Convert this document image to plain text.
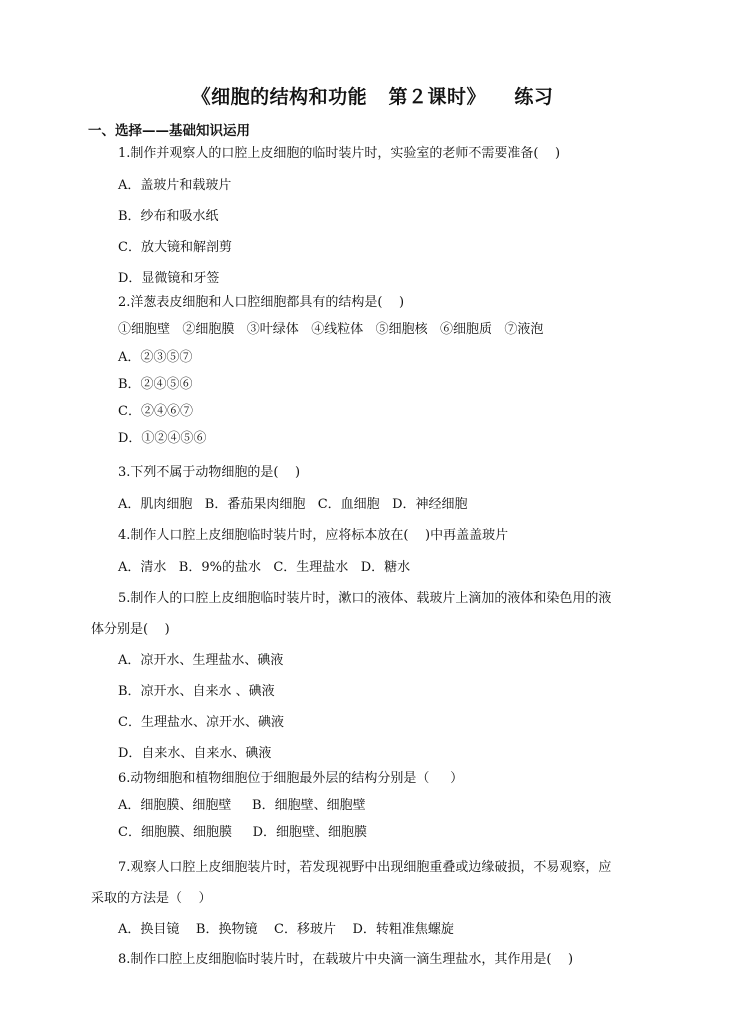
《细胞的结构和功能   第２课时》    练习
一、选择——基础知识运用
1.制作并观察人的口腔上皮细胞的临时装片时，实验室的老师不需要准备(    )
A．盖玻片和载玻片
B．纱布和吸水纸
C．放大镜和解剖剪
D．显微镜和牙签
2.洋葱表皮细胞和人口腔细胞都具有的结构是(    )
①细胞壁   ②细胞膜   ③叶绿体   ④线粒体   ⑤细胞核   ⑥细胞质   ⑦液泡
A．②③⑤⑦
B．②④⑤⑥
C．②④⑥⑦
D．①②④⑤⑥
3.下列不属于动物细胞的是(    )
A．肌肉细胞   B．番茄果肉细胞   C．血细胞   D．神经细胞
4.制作人口腔上皮细胞临时装片时，应将标本放在(    )中再盖盖玻片
A．清水   B．9%的盐水   C．生理盐水   D．糖水
5.制作人的口腔上皮细胞临时装片时，漱口的液体、载玻片上滴加的液体和染色用的液
体分别是(    )
A．凉开水、生理盐水、碘液
B．凉开水、自来水 、碘液
C．生理盐水、凉开水、碘液
D．自来水、自来水、碘液
6.动物细胞和植物细胞位于细胞最外层的结构分别是（     ）
A．细胞膜、细胞壁     B．细胞壁、细胞壁
C．细胞膜、细胞膜     D．细胞壁、细胞膜
7.观察人口腔上皮细胞装片时，若发现视野中出现细胞重叠或边缘破损，不易观察，应
采取的方法是（    ）
A．换目镜    B．换物镜    C．移玻片    D．转粗准焦螺旋
8.制作口腔上皮细胞临时装片时，在载玻片中央滴一滴生理盐水，其作用是(    )
